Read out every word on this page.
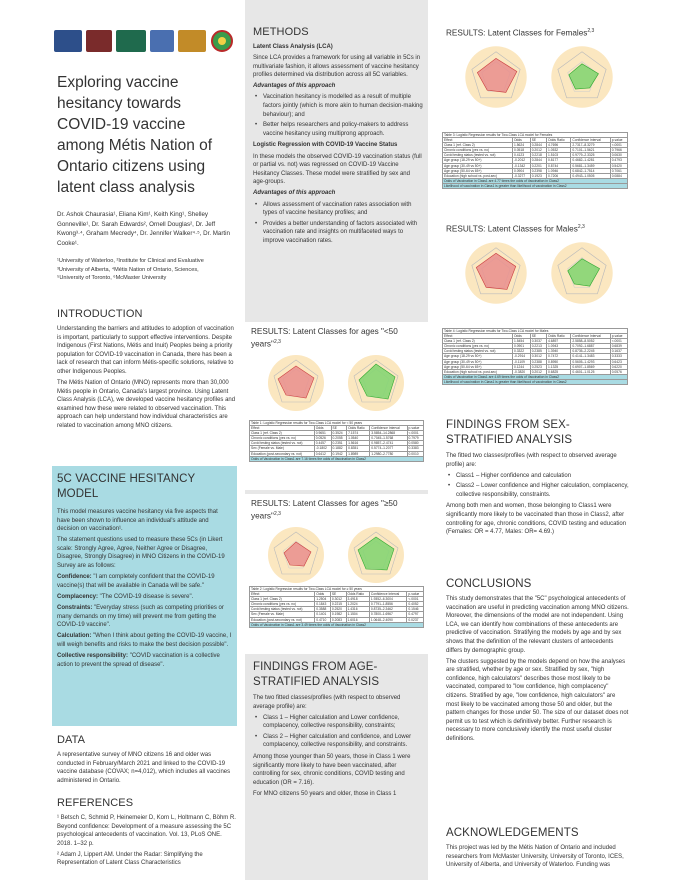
Exploring vaccine hesitancy towards COVID-19 vaccine among Métis Nation of Ontario citizens using latent class analysis
Dr. Ashok Chaurasia¹, Eliana Kim¹, Keith King¹, Shelley Gonneville¹, Dr. Sarah Edwards², Ornell Douglas², Dr. Jeff Kwong³·⁴, Graham Mecredy⁴, Dr. Jennifer Walker⁴·⁵, Dr. Martin Cooke¹.
¹University of Waterloo, ²Institute for Clinical and Evaluative
³University of Alberta, ⁴Métis Nation of Ontario, Sciences,
⁵University of Toronto, ⁶McMaster University
INTRODUCTION

Understanding the barriers and attitudes to adoption of vaccination is important, particularly to support effective interventions. Despite Indigenous (First Nations, Métis and Inuit) Peoples being a priority population for COVID-19 vaccination in Canada, there has been a lack of research that can inform Métis-specific solutions, relative to other Indigenous Peoples.

The Métis Nation of Ontario (MNO) represents more than 30,000 Métis people in Ontario, Canada's largest province. Using Latent Class Analysis (LCA), we developed vaccine hesitancy profiles and examined how these were related to observed vaccination. This approach can help understand how individual characteristics are related to vaccination among MNO citizens.

5C VACCINE HESITANCY MODEL

This model measures vaccine hesitancy via five aspects that have been shown to influence an individual's attitude and decision on vaccination¹.

The statement questions used to measure these 5Cs (in Likert scale: Strongly Agree, Agree, Neither Agree or Disagree, Disagree, Strongly Disagree) in MNO Citizens in the COVID-19 Survey are as follows:

Confidence: "I am completely confident that the COVID-19 vaccine(s) that will be available in Canada will be safe."

Complacency: "The COVID-19 disease is severe".

Constraints: "Everyday stress (such as competing priorities or many demands on my time) will prevent me from getting the COVID-19 vaccine".

Calculation: "When I think about getting the COVID-19 vaccine, I will weigh benefits and risks to make the best decision possible".

Collective responsibility: "COVID vaccination is a collective action to prevent the spread of disease".

DATA

A representative survey of MNO citizens 16 and older was conducted in February/March 2021 and linked to the COVID-19 vaccine database (COVAX; n=4,012), which includes all vaccines administered in Ontario.

REFERENCES

¹ Betsch C, Schmid P, Heinemeier D, Korn L, Holtmann C, Böhm R. Beyond confidence: Development of a measure assessing the 5C psychological antecedents of vaccination. Vol. 13, PLoS ONE. 2018. 1–32 p.

² Adam J, Lippert AM. Under the Radar: Simplifying the Representation of Latent Class Characteristics

METHODS

Latent Class Analysis (LCA)

Since LCA provides a framework for using all variable in 5Cs in multivariate fashion, it allows assessment of vaccine hesitancy profiles determined via distribution across all 5C variables.

Advantages of this approach

• Vaccination hesitancy is modelled as a result of multiple factors jointly (which is more akin to human decision-making behaviour); and
• Better helps researchers and policy-makers to address vaccine hesitancy using multiprong approach.

Logistic Regression with COVID-19 Vaccine Status

In these models the observed COVID-19 vaccination status (full or partial vs. not) was regressed on COVID-19 Vaccine Hesitancy Classes. These model were stratified by sex and age-groups.

Advantages of this approach

• Allows assessment of vaccination rates association with types of vaccine hesitancy profiles; and
• Provides a better understanding of factors associated with vaccination rate and insights on multifaceted ways to improve vaccination rates.
RESULTS: Latent Classes for ages "<50 years"$^{2,3}$
Table 1: Logistic Regression results for Two-Class LCA model for < 50 years					
Effect	Odds	SE	Odds Ratio	Confidence Interval	p-value
Class 1 (ref. Class 2)	0.9651	0.3524	7.1574	3.5854–14.2868	<.0001
Chronic conditions (yes vs. no)	0.0526	0.2055	1.0540	0.7045–1.5768	0.7979
Covid testing status (tested vs. not)	0.4457	0.2351	1.5616	0.9857–2.4741	0.0580
Sex (Female vs. Male)	-0.1802	0.1882	0.8351	0.5774–1.2077	0.3383
Education (post-secondary vs. not)	0.6412	0.1942	1.8989	1.2980–2.7780	0.0010
Odds of Vaccination in Class1 are 7.16 times the odds of Vaccination in Class2					
RESULTS: Latent Classes for ages "≥50 years"$^{2,3}$
Table 2: Logistic Regression results for Two-Class LCA model for ≥ 50 years					
Effect	Odds	SE	Odds Ratio	Confidence Interval	p-value
Class 1 (ref. Class 2)	1.2504	0.3012	3.4918	1.9352–6.3004	<.0001
Chronic conditions (yes vs. no)	0.1843	0.2215	1.2024	0.7791–1.8556	0.4052
Covid testing status (tested vs. not)	0.3588	0.2520	1.4316	0.8735–2.3462	0.1546
Sex (Female vs. Male)	0.1401	0.1982	1.1504	0.7800–1.6967	0.4797
Education (post-secondary vs. not)	0.4710	0.2083	1.6016	1.0648–2.4090	0.0237
Odds of Vaccination in Class1 are 3.49 times the odds of Vaccination in Class2					
FINDINGS FROM AGE-STRATIFIED ANALYSIS

The two fitted classes/profiles (with respect to observed average profile) are:

• Class 1 – Higher calculation and Lower confidence, complacency, collective responsibility, constraints;
• Class 2 – Higher calculation and confidence, and Lower complacency, collective responsibility, and constraints.

Among those younger than 50 years, those in Class 1 were significantly more likely to have been vaccinated, after controlling for sex, chronic conditions, COVID testing and education (OR = 7.16).

For MNO citizens 50 years and older, those in Class 1

RESULTS: Latent Classes for Females$^{2,3}$
Table 3: Logistic Regression results for Two-Class LCA model for Females					
Effect	Odds	SE	Odds Ratio	Confidence Interval	p-value
Class 1 (ref. Class 2)	1.5624	0.2844	4.7696	2.7317–8.3279	<.0001
Chronic conditions (yes vs. no)	0.0518	0.2012	1.0532	0.7101–1.5621	0.7966
Covid testing status (tested vs. not)	0.4123	0.2218	1.5103	0.9779–2.3325	0.0630
Age group (18-29 vs 50+)	-0.2012	0.2844	0.8177	0.4682–1.4281	0.4793
Age group (30-49 vs 50+)	-0.1342	0.2201	0.8744	0.5681–1.3459	0.5420
Age group (50-64 vs 65+)	0.0904	0.2398	1.0946	0.6842–1.7514	0.7061
Education (high school vs. post-sec)	-0.3277	0.1923	0.7206	0.4943–1.0505	0.0884
Odds of Vaccination in Class1 are 4.77 times the odds of Vaccination in Class2					
Likelihood of vaccination in Class1 is greater than likelihood of vaccination in Class2					
RESULTS: Latent Classes for Males$^{2,3}$
Table 4: Logistic Regression results for Two-Class LCA model for Males					
Effect	Odds	SE	Odds Ratio	Confidence Interval	p-value
Class 1 (ref. Class 2)	1.5454	0.3037	4.6897	2.5858–8.5052	<.0001
Chronic conditions (yes vs. no)	0.0901	0.2213	1.0943	0.7092–1.6887	0.6839
Covid testing status (tested vs. not)	0.3322	0.2385	1.3940	0.8735–2.2245	0.1637
Age group (18-29 vs 50+)	-0.2914	0.3012	0.7472	0.4141–1.3483	0.3333
Age group (30-49 vs 50+)	-0.1109	0.2388	0.8950	0.5605–1.4293	0.6423
Age group (50-64 vs 65+)	0.1244	0.2523	1.1325	0.6907–1.8569	0.6220
Education (high school vs. post-sec)	-0.3820	0.2012	0.6825	0.4601–1.0125	0.0576
Odds of Vaccination in Class1 are 4.69 times the odds of Vaccination in Class2					
Likelihood of vaccination in Class1 is greater than likelihood of vaccination in Class2					
FINDINGS FROM SEX-STRATIFIED ANALYSIS

The fitted two classes/profiles (with respect to observed average profile) are:

• Class1 – Higher confidence and calculation
• Class2 – Lower confidence and Higher calculation, complacency, collective responsibility, constraints.

Among both men and women, those belonging to Class1 were significantly more likely to be vaccinated than those in Class2, after controlling for age, chronic conditions, COVID testing and education (Females: OR = 4.77, Males: OR= 4.69.)

CONCLUSIONS

This study demonstrates that the "5C" psychological antecedents of vaccination are useful in predicting vaccination among MNO citizens. Moreover, the dimensions of the model are not independent. Using LCA, we can identify how combinations of these antecedents are predictive of vaccination. Stratifying the models by age and by sex shows that the definition of the relevant clusters of antecedents differs by demographic group.

The clusters suggested by the models depend on how the analyses are stratified, whether by age or sex. Stratified by sex, "high confidence, high calculators" describes those most likely to be vaccinated, compared to "low confidence, high complacency" citizens. Stratified by age, "low confidence, high calculators" are most likely to be vaccinated among those 50 and older, but the pattern changes for those under 50. The size of our dataset does not permit us to test which is definitively better. Further research is necessary to more conclusively identify the most useful cluster definitions.

ACKNOWLEDGEMENTS

This project was led by the Métis Nation of Ontario and included researchers from McMaster University, University of Toronto, ICES, University of Alberta, and University of Waterloo. Funding was
